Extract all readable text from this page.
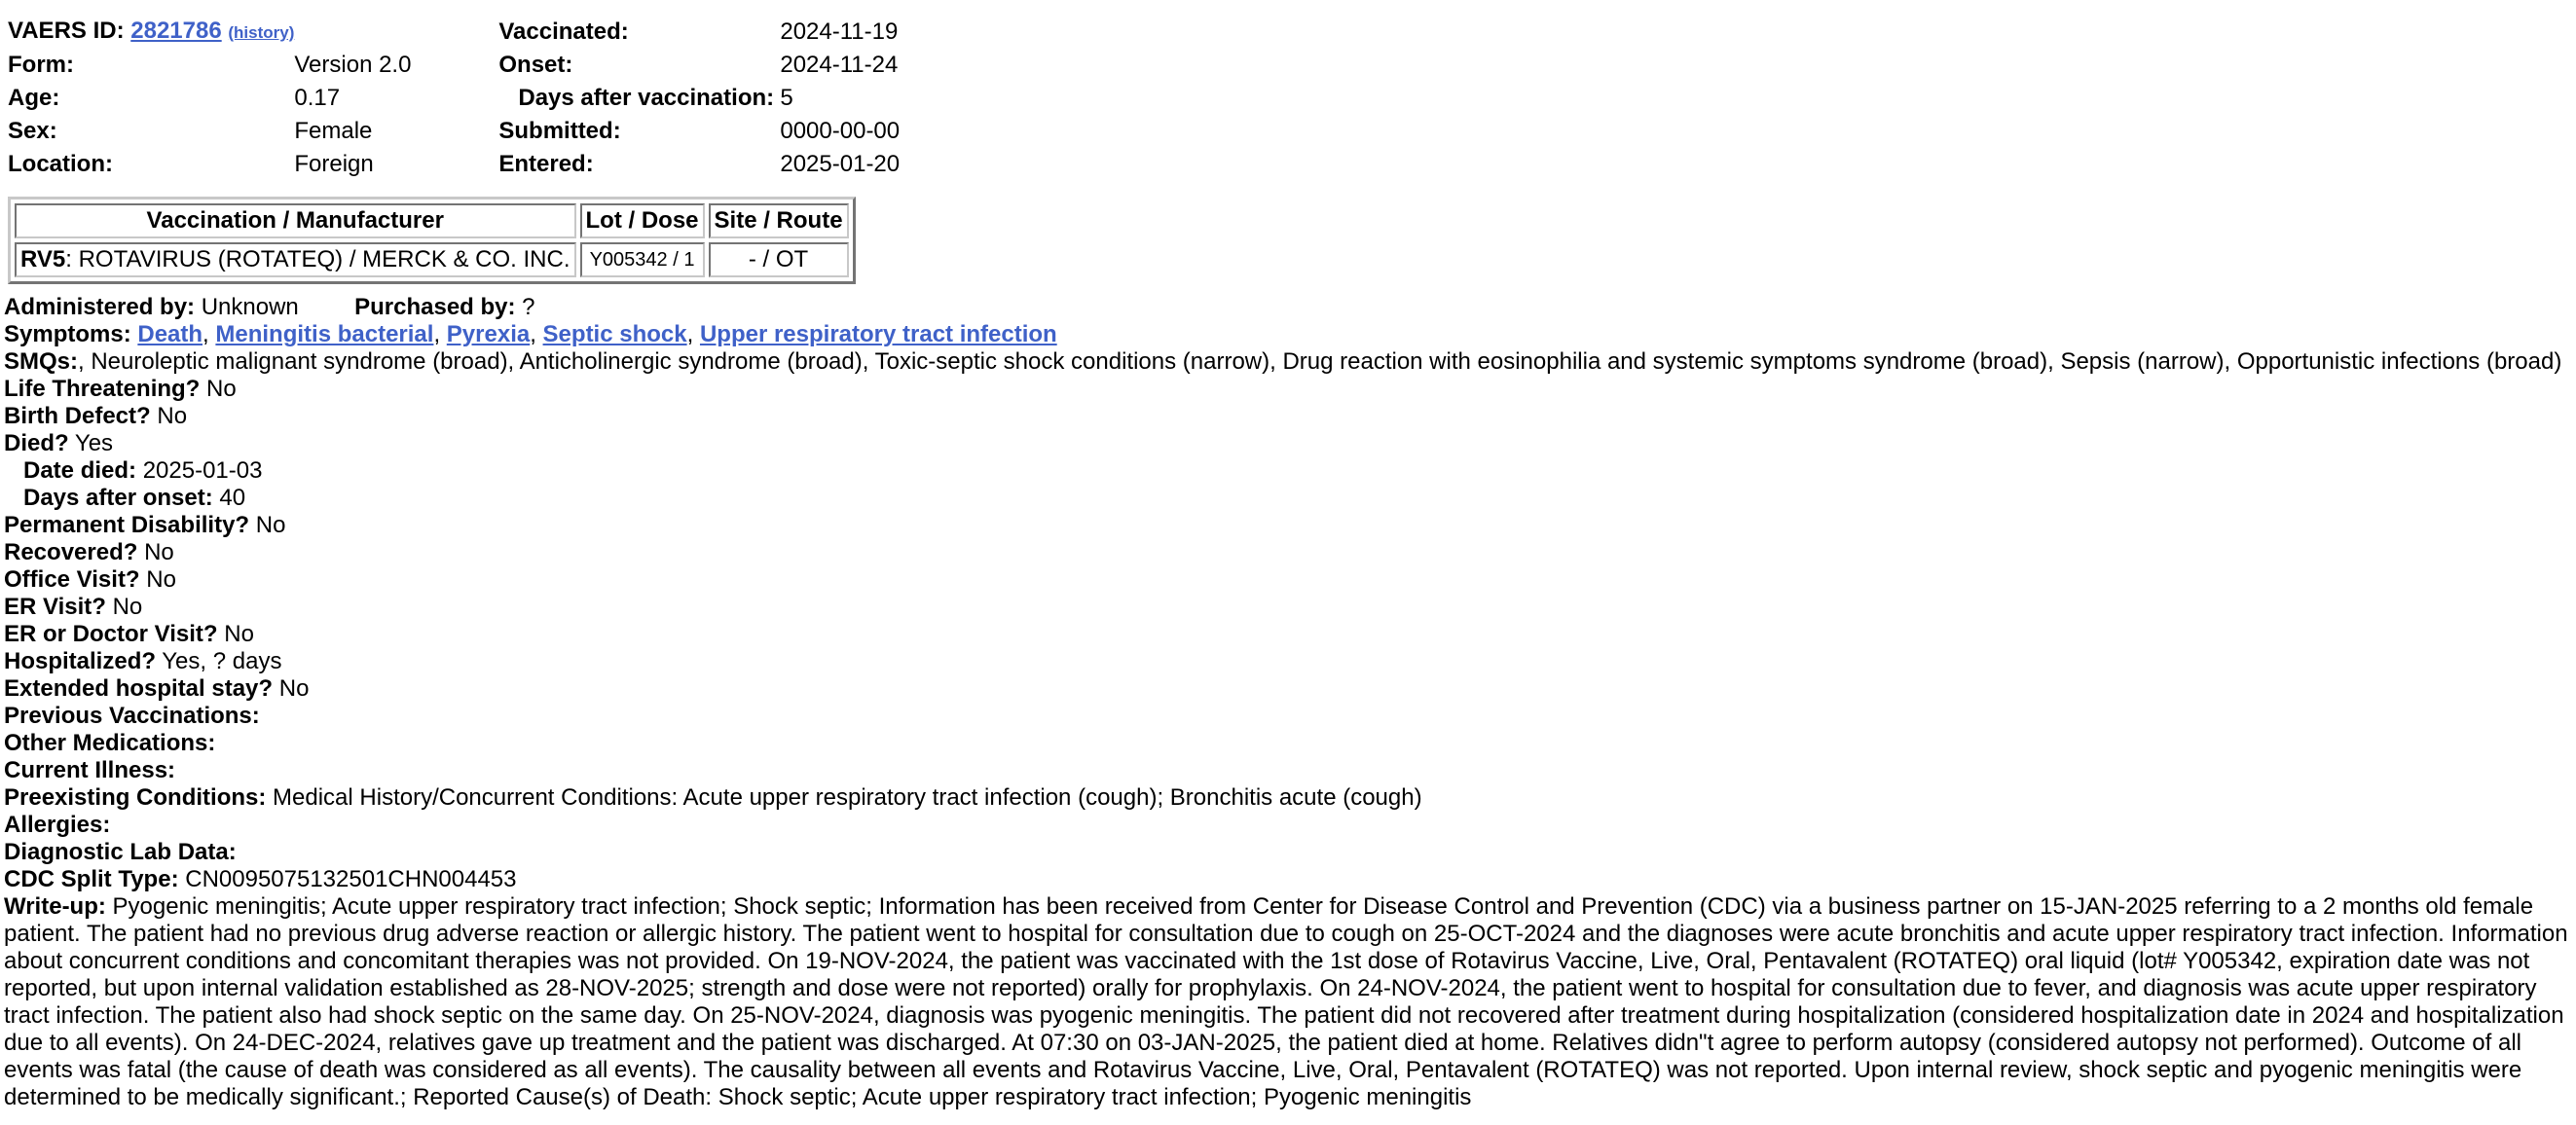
VAERS ID: 2821786 (history)		Vaccinated:	2024-11-19
Form:	Version 2.0	Onset:	2024-11-24
Age:	0.17	Days after vaccination:	5
Sex:	Female	Submitted:	0000-00-00
Location:	Foreign	Entered:	2025-01-20
Vaccination / Manufacturer	Lot / Dose	Site / Route
RV5: ROTAVIRUS (ROTATEQ) / MERCK & CO. INC.	Y005342 / 1	- / OT
Administered by: Unknown Purchased by: ?
Symptoms: Death, Meningitis bacterial, Pyrexia, Septic shock, Upper respiratory tract infection
SMQs:, Neuroleptic malignant syndrome (broad), Anticholinergic syndrome (broad), Toxic-septic shock conditions (narrow), Drug reaction with eosinophilia and systemic symptoms syndrome (broad), Sepsis (narrow), Opportunistic infections (broad)
Life Threatening? No
Birth Defect? No
Died? Yes
Date died: 2025-01-03
Days after onset: 40
Permanent Disability? No
Recovered? No
Office Visit? No
ER Visit? No
ER or Doctor Visit? No
Hospitalized? Yes, ? days
Extended hospital stay? No
Previous Vaccinations:
Other Medications:
Current Illness:
Preexisting Conditions: Medical History/Concurrent Conditions: Acute upper respiratory tract infection (cough); Bronchitis acute (cough)
Allergies:
Diagnostic Lab Data:
CDC Split Type: CN0095075132501CHN004453
Write-up: Pyogenic meningitis; Acute upper respiratory tract infection; Shock septic; Information has been received from Center for Disease Control and Prevention (CDC) via a business partner on 15-JAN-2025 referring to a 2 months old female patient. The patient had no previous drug adverse reaction or allergic history. The patient went to hospital for consultation due to cough on 25-OCT-2024 and the diagnoses were acute bronchitis and acute upper respiratory tract infection. Information about concurrent conditions and concomitant therapies was not provided. On 19-NOV-2024, the patient was vaccinated with the 1st dose of Rotavirus Vaccine, Live, Oral, Pentavalent (ROTATEQ) oral liquid (lot# Y005342, expiration date was not reported, but upon internal validation established as 28-NOV-2025; strength and dose were not reported) orally for prophylaxis. On 24-NOV-2024, the patient went to hospital for consultation due to fever, and diagnosis was acute upper respiratory tract infection. The patient also had shock septic on the same day. On 25-NOV-2024, diagnosis was pyogenic meningitis. The patient did not recovered after treatment during hospitalization (considered hospitalization date in 2024 and hospitalization due to all events). On 24-DEC-2024, relatives gave up treatment and the patient was discharged. At 07:30 on 03-JAN-2025, the patient died at home. Relatives didn"t agree to perform autopsy (considered autopsy not performed). Outcome of all events was fatal (the cause of death was considered as all events). The causality between all events and Rotavirus Vaccine, Live, Oral, Pentavalent (ROTATEQ) was not reported. Upon internal review, shock septic and pyogenic meningitis were determined to be medically significant.; Reported Cause(s) of Death: Shock septic; Acute upper respiratory tract infection; Pyogenic meningitis
